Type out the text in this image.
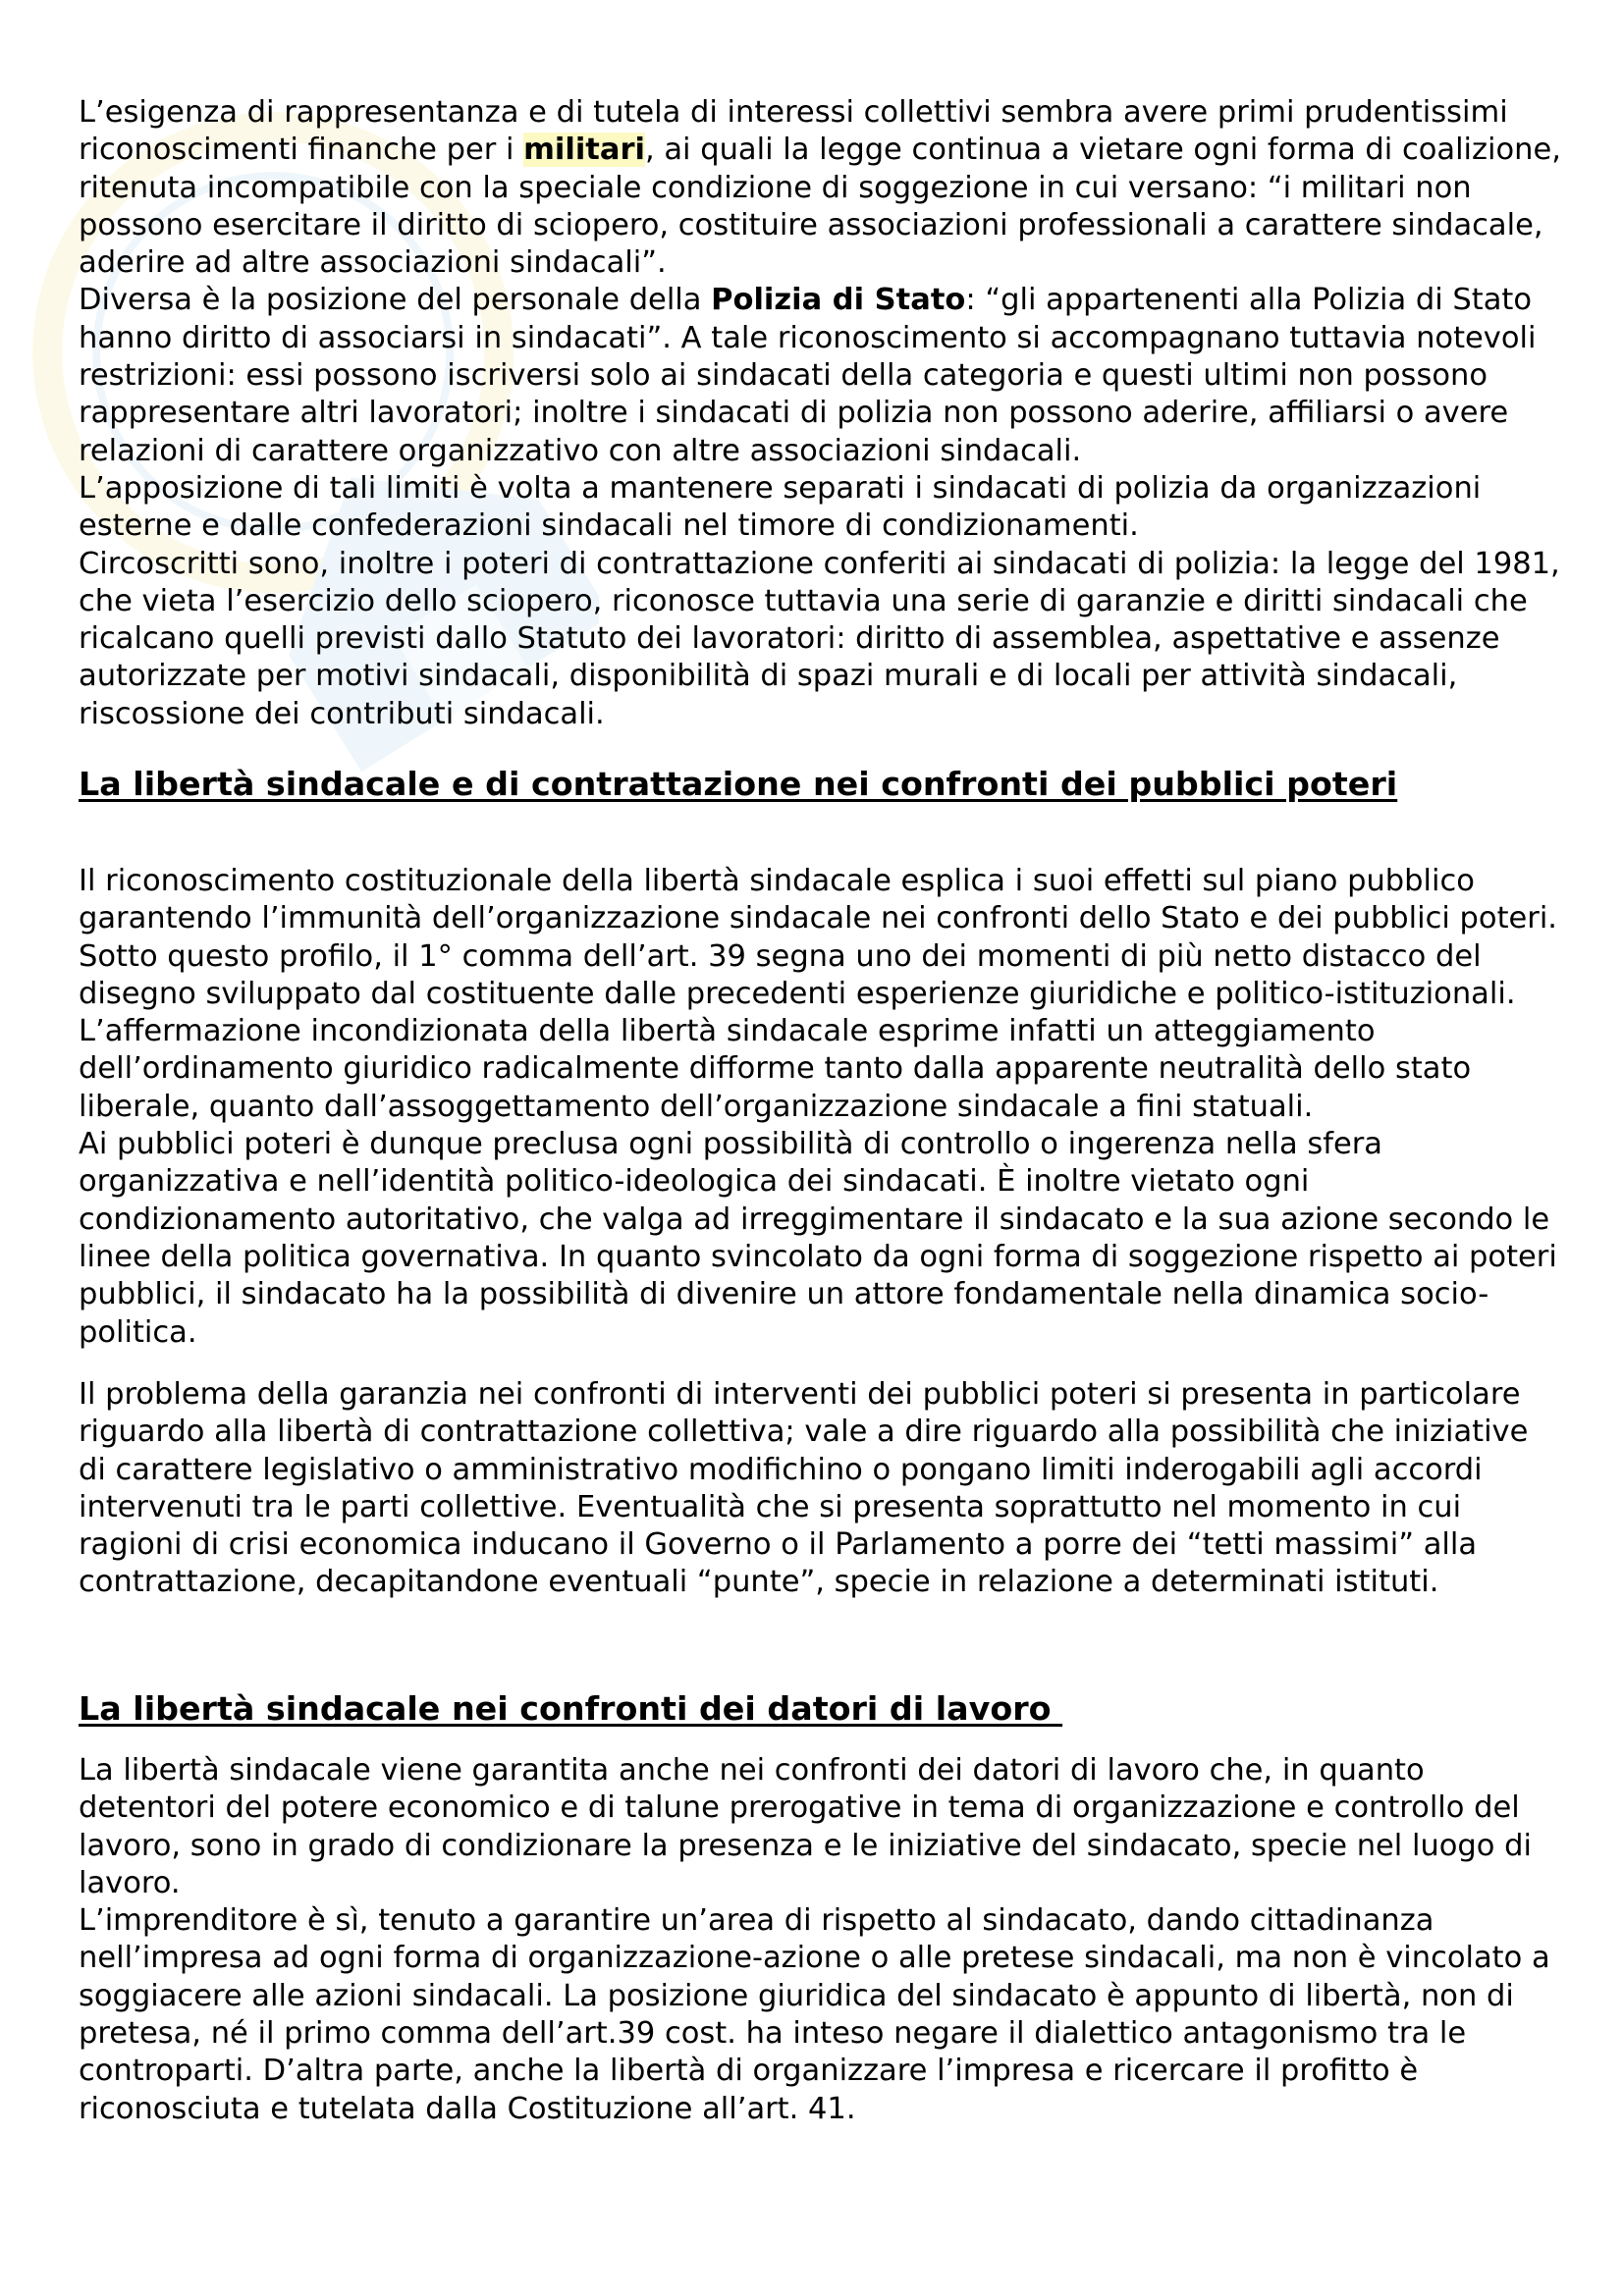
L’esigenza di rappresentanza e di tutela di interessi collettivi sembra avere primi prudentissimi
riconoscimenti finanche per i militari, ai quali la legge continua a vietare ogni forma di coalizione,
ritenuta incompatibile con la speciale condizione di soggezione in cui versano: “i militari non
possono esercitare il diritto di sciopero, costituire associazioni professionali a carattere sindacale,
aderire ad altre associazioni sindacali”.
Diversa è la posizione del personale della Polizia di Stato: “gli appartenenti alla Polizia di Stato
hanno diritto di associarsi in sindacati”. A tale riconoscimento si accompagnano tuttavia notevoli
restrizioni: essi possono iscriversi solo ai sindacati della categoria e questi ultimi non possono
rappresentare altri lavoratori; inoltre i sindacati di polizia non possono aderire, affiliarsi o avere
relazioni di carattere organizzativo con altre associazioni sindacali.
L’apposizione di tali limiti è volta a mantenere separati i sindacati di polizia da organizzazioni
esterne e dalle confederazioni sindacali nel timore di condizionamenti.
Circoscritti sono, inoltre i poteri di contrattazione conferiti ai sindacati di polizia: la legge del 1981,
che vieta l’esercizio dello sciopero, riconosce tuttavia una serie di garanzie e diritti sindacali che
ricalcano quelli previsti dallo Statuto dei lavoratori: diritto di assemblea, aspettative e assenze
autorizzate per motivi sindacali, disponibilità di spazi murali e di locali per attività sindacali,
riscossione dei contributi sindacali.
La libertà sindacale e di contrattazione nei confronti dei pubblici poteri
Il riconoscimento costituzionale della libertà sindacale esplica i suoi effetti sul piano pubblico
garantendo l’immunità dell’organizzazione sindacale nei confronti dello Stato e dei pubblici poteri.
Sotto questo profilo, il 1° comma dell’art. 39 segna uno dei momenti di più netto distacco del
disegno sviluppato dal costituente dalle precedenti esperienze giuridiche e politico-istituzionali.
L’affermazione incondizionata della libertà sindacale esprime infatti un atteggiamento
dell’ordinamento giuridico radicalmente difforme tanto dalla apparente neutralità dello stato
liberale, quanto dall’assoggettamento dell’organizzazione sindacale a fini statuali.
Ai pubblici poteri è dunque preclusa ogni possibilità di controllo o ingerenza nella sfera
organizzativa e nell’identità politico-ideologica dei sindacati. È inoltre vietato ogni
condizionamento autoritativo, che valga ad irreggimentare il sindacato e la sua azione secondo le
linee della politica governativa. In quanto svincolato da ogni forma di soggezione rispetto ai poteri
pubblici, il sindacato ha la possibilità di divenire un attore fondamentale nella dinamica socio-
politica.
Il problema della garanzia nei confronti di interventi dei pubblici poteri si presenta in particolare
riguardo alla libertà di contrattazione collettiva; vale a dire riguardo alla possibilità che iniziative
di carattere legislativo o amministrativo modifichino o pongano limiti inderogabili agli accordi
intervenuti tra le parti collettive. Eventualità che si presenta soprattutto nel momento in cui
ragioni di crisi economica inducano il Governo o il Parlamento a porre dei “tetti massimi” alla
contrattazione, decapitandone eventuali “punte”, specie in relazione a determinati istituti.
La libertà sindacale nei confronti dei datori di lavoro
La libertà sindacale viene garantita anche nei confronti dei datori di lavoro che, in quanto
detentori del potere economico e di talune prerogative in tema di organizzazione e controllo del
lavoro, sono in grado di condizionare la presenza e le iniziative del sindacato, specie nel luogo di
lavoro.
L’imprenditore è sì, tenuto a garantire un’area di rispetto al sindacato, dando cittadinanza
nell’impresa ad ogni forma di organizzazione-azione o alle pretese sindacali, ma non è vincolato a
soggiacere alle azioni sindacali. La posizione giuridica del sindacato è appunto di libertà, non di
pretesa, né il primo comma dell’art.39 cost. ha inteso negare il dialettico antagonismo tra le
controparti. D’altra parte, anche la libertà di organizzare l’impresa e ricercare il profitto è
riconosciuta e tutelata dalla Costituzione all’art. 41.
